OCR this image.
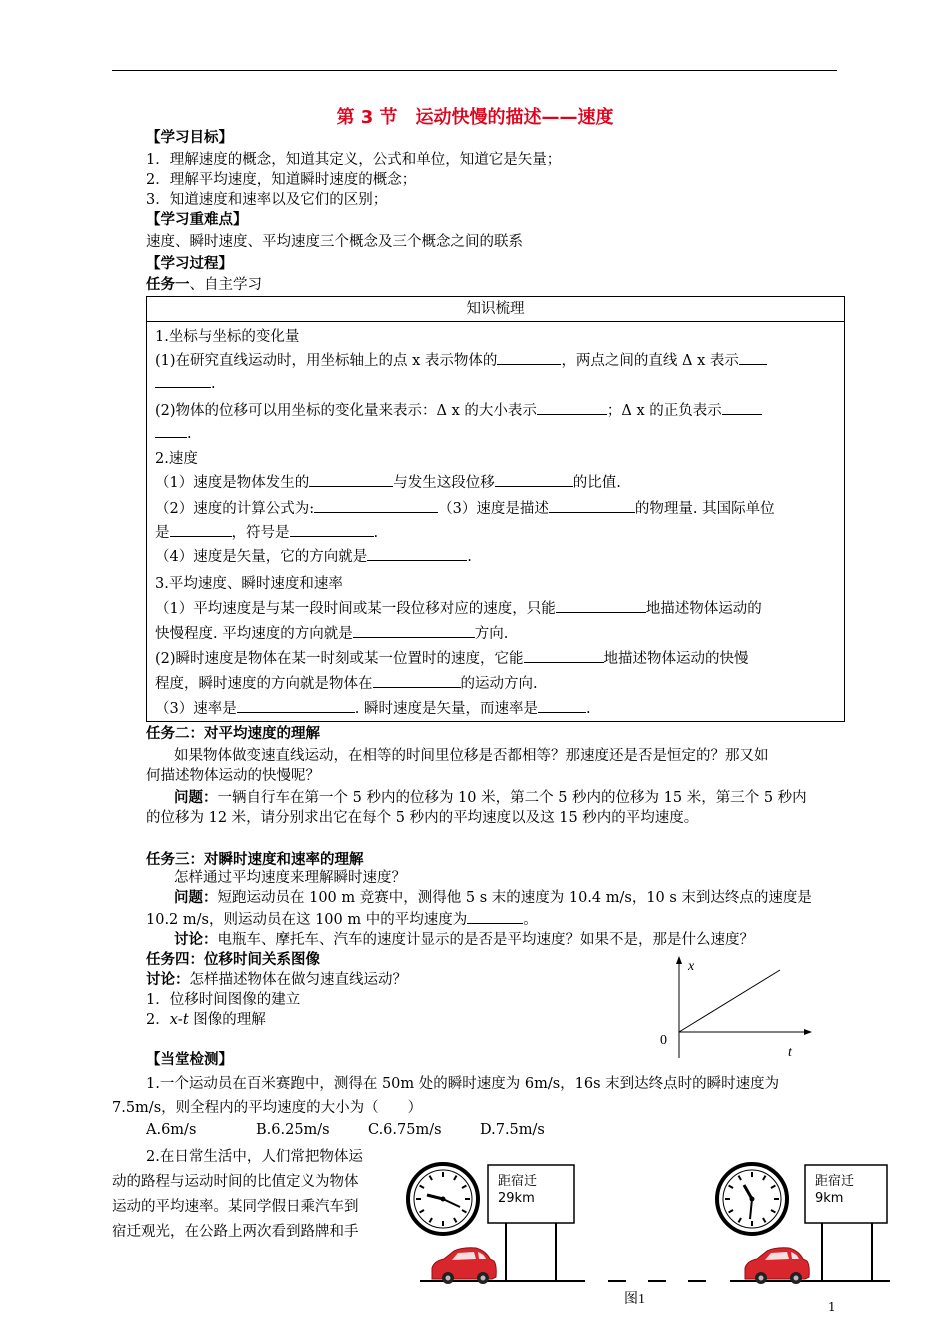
第 3 节　运动快慢的描述——速度
【学习目标】
1．理解速度的概念，知道其定义，公式和单位，知道它是矢量；
2．理解平均速度，知道瞬时速度的概念；
3．知道速度和速率以及它们的区别；
【学习重难点】
速度、瞬时速度、平均速度三个概念及三个概念之间的联系
【学习过程】
任务一、自主学习
知识梳理
1.坐标与坐标的变化量
(1)在研究直线运动时，用坐标轴上的点 x 表示物体的	，两点之间的直线 Δ x 表示
.
(2)物体的位移可以用坐标的变化量来表示：Δ x 的大小表示	；Δ x 的正负表示
.
2.速度
（1）速度是物体发生的	与发生这段位移	的比值.
（2）速度的计算公式为:	（3）速度是描述	的物理量. 其国际单位
是	，符号是	.
（4）速度是矢量，它的方向就是	.
3.平均速度、瞬时速度和速率
（1）平均速度是与某一段时间或某一段位移对应的速度，只能	地描述物体运动的
快慢程度. 平均速度的方向就是	方向.
(2)瞬时速度是物体在某一时刻或某一位置时的速度，它能	地描述物体运动的快慢
程度，瞬时速度的方向就是物体在	的运动方向.
（3）速率是	. 瞬时速度是矢量，而速率是	.
任务二：对平均速度的理解
如果物体做变速直线运动，在相等的时间里位移是否都相等？那速度还是否是恒定的？那又如
何描述物体运动的快慢呢？
问题：一辆自行车在第一个 5 秒内的位移为 10 米，第二个 5 秒内的位移为 15 米，第三个 5 秒内
的位移为 12 米，请分别求出它在每个 5 秒内的平均速度以及这 15 秒内的平均速度。
任务三：对瞬时速度和速率的理解
怎样通过平均速度来理解瞬时速度？
问题：短跑运动员在 100 m 竞赛中，测得他 5 s 末的速度为 10.4 m/s，10 s 末到达终点的速度是
10.2 m/s，则运动员在这 100 m 中的平均速度为	。
讨论：电瓶车、摩托车、汽车的速度计显示的是否是平均速度？如果不是，那是什么速度？
任务四：位移时间关系图像
讨论：怎样描述物体在做匀速直线运动？
1．位移时间图像的建立
2．x-t 图像的理解
x
t
0
【当堂检测】
1.一个运动员在百米赛跑中，测得在 50m 处的瞬时速度为 6m/s，16s 末到达终点时的瞬时速度为
7.5m/s，则全程内的平均速度的大小为（　　）
A.6m/s	B.6.25m/s	C.6.75m/s	D.7.5m/s
2.在日常生活中，人们常把物体运
动的路程与运动时间的比值定义为物体
运动的平均速率。某同学假日乘汽车到
宿迁观光，在公路上两次看到路牌和手
距宿迁
29km
距宿迁
9km
图1	1
